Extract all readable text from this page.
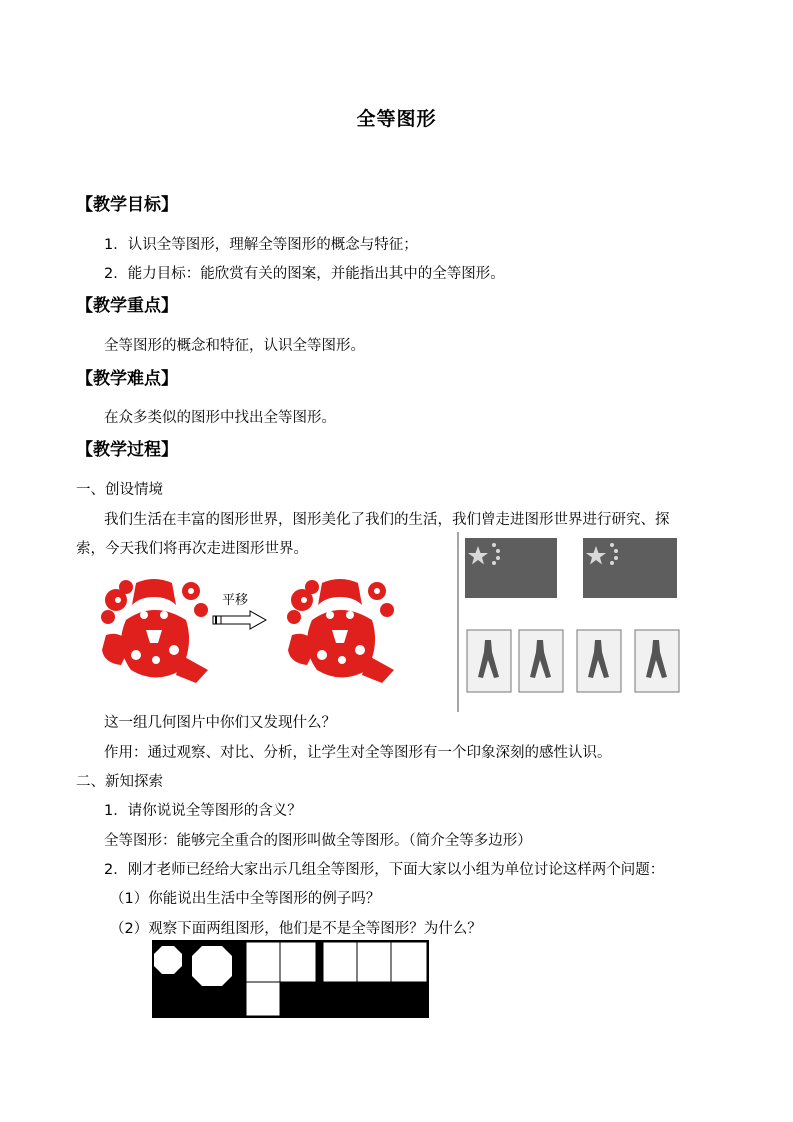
全等图形
【教学目标】
1．认识全等图形，理解全等图形的概念与特征；
2．能力目标：能欣赏有关的图案，并能指出其中的全等图形。
【教学重点】
全等图形的概念和特征，认识全等图形。
【教学难点】
在众多类似的图形中找出全等图形。
【教学过程】
一、创设情境
我们生活在丰富的图形世界，图形美化了我们的生活，我们曾走进图形世界进行研究、探
索，今天我们将再次走进图形世界。
平移
这一组几何图片中你们又发现什么？
作用：通过观察、对比、分析，让学生对全等图形有一个印象深刻的感性认识。
二、新知探索
1．请你说说全等图形的含义？
全等图形：能够完全重合的图形叫做全等图形。（简介全等多边形）
2．刚才老师已经给大家出示几组全等图形，下面大家以小组为单位讨论这样两个问题：
（1）你能说出生活中全等图形的例子吗？
（2）观察下面两组图形，他们是不是全等图形？为什么？
